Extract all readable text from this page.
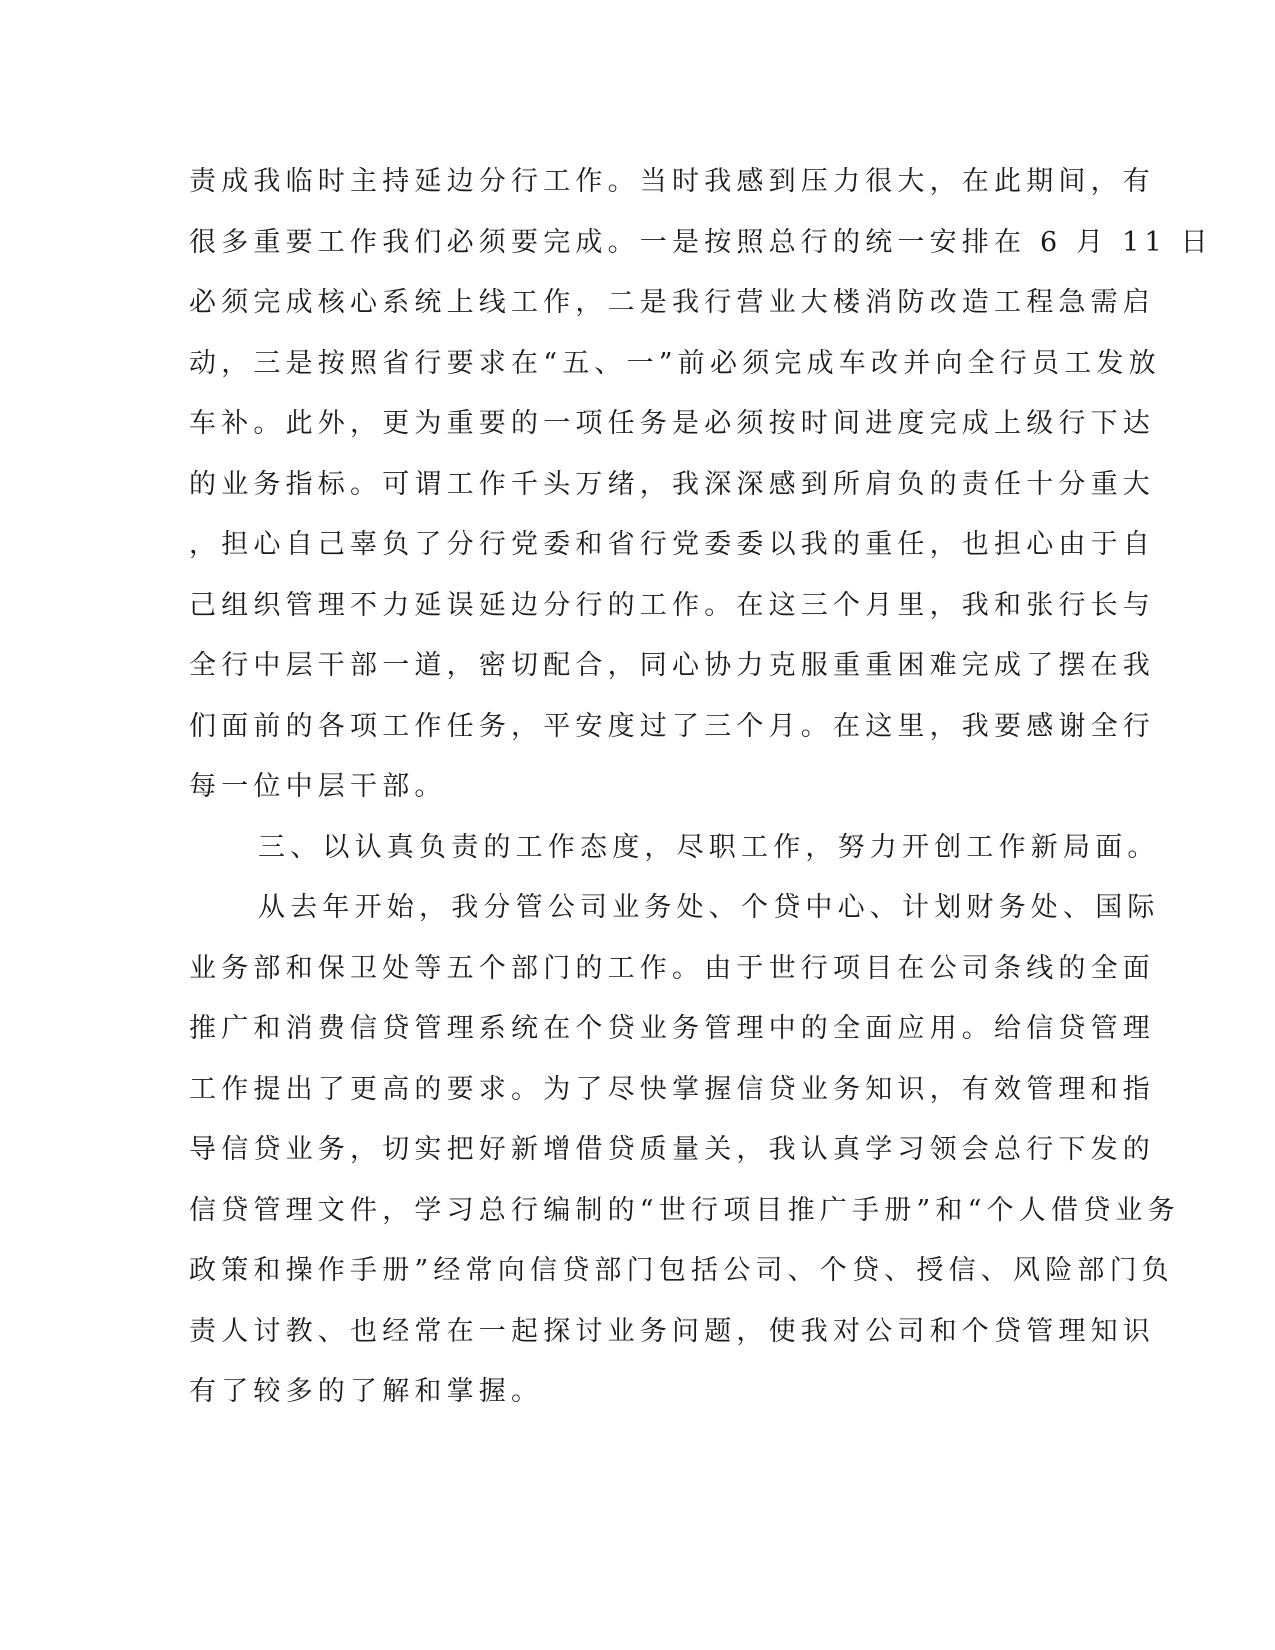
责成我临时主持延边分行工作。当时我感到压力很大，在此期间，有
很多重要工作我们必须要完成。一是按照总行的统一安排在 6 月 11 日
必须完成核心系统上线工作，二是我行营业大楼消防改造工程急需启
动，三是按照省行要求在“五、一”前必须完成车改并向全行员工发放
车补。此外，更为重要的一项任务是必须按时间进度完成上级行下达
的业务指标。可谓工作千头万绪，我深深感到所肩负的责任十分重大
，担心自己辜负了分行党委和省行党委委以我的重任，也担心由于自
己组织管理不力延误延边分行的工作。在这三个月里，我和张行长与
全行中层干部一道，密切配合，同心协力克服重重困难完成了摆在我
们面前的各项工作任务，平安度过了三个月。在这里，我要感谢全行
每一位中层干部。
三、以认真负责的工作态度，尽职工作，努力开创工作新局面。
从去年开始，我分管公司业务处、个贷中心、计划财务处、国际
业务部和保卫处等五个部门的工作。由于世行项目在公司条线的全面
推广和消费信贷管理系统在个贷业务管理中的全面应用。给信贷管理
工作提出了更高的要求。为了尽快掌握信贷业务知识，有效管理和指
导信贷业务，切实把好新增借贷质量关，我认真学习领会总行下发的
信贷管理文件，学习总行编制的“世行项目推广手册”和“个人借贷业务
政策和操作手册”经常向信贷部门包括公司、个贷、授信、风险部门负
责人讨教、也经常在一起探讨业务问题，使我对公司和个贷管理知识
有了较多的了解和掌握。
